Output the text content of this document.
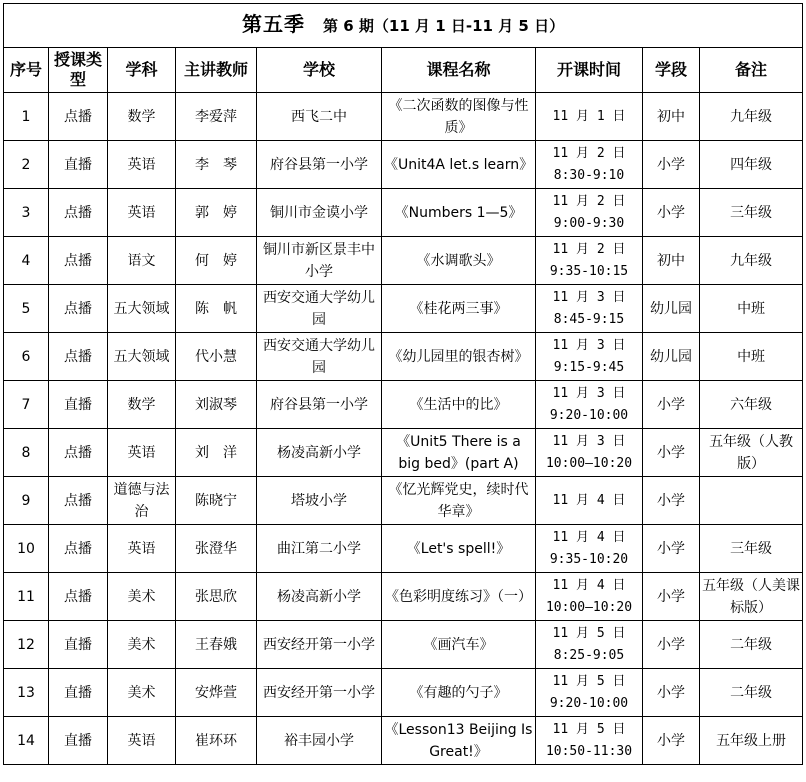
第五季 第 6 期（11 月 1 日-11 月 5 日）								
序号	授课类型	学科	主讲教师	学校	课程名称	开课时间	学段	备注
1	点播	数学	李爱萍	西飞二中	《二次函数的图像与性质》	11 月 1 日	初中	九年级
2	直播	英语	李　琴	府谷县第一小学	《Unit4A let.s learn》	11 月 2 日 8:30-9:10	小学	四年级
3	点播	英语	郭　婷	铜川市金谟小学	《Numbers 1—5》	11 月 2 日 9:00-9:30	小学	三年级
4	点播	语文	何　婷	铜川市新区景丰中小学	《水调歌头》	11 月 2 日 9:35-10:15	初中	九年级
5	点播	五大领域	陈　帆	西安交通大学幼儿园	《桂花两三事》	11 月 3 日 8:45-9:15	幼儿园	中班
6	点播	五大领域	代小慧	西安交通大学幼儿园	《幼儿园里的银杏树》	11 月 3 日 9:15-9:45	幼儿园	中班
7	直播	数学	刘淑琴	府谷县第一小学	《生活中的比》	11 月 3 日 9:20-10:00	小学	六年级
8	点播	英语	刘　洋	杨凌高新小学	《Unit5 There is a big bed》(part A)	11 月 3 日 10:00—10:20	小学	五年级（人教版）
9	点播	道德与法治	陈晓宁	塔坡小学	《忆光辉党史，续时代华章》	11 月 4 日	小学	
10	点播	英语	张澄华	曲江第二小学	《Let's spell!》	11 月 4 日 9:35-10:20	小学	三年级
11	点播	美术	张思欣	杨凌高新小学	《色彩明度练习》（一）	11 月 4 日 10:00—10:20	小学	五年级（人美课标版）
12	直播	美术	王春娥	西安经开第一小学	《画汽车》	11 月 5 日 8:25-9:05	小学	二年级
13	直播	美术	安烨萱	西安经开第一小学	《有趣的勺子》	11 月 5 日 9:20-10:00	小学	二年级
14	直播	英语	崔环环	裕丰园小学	《Lesson13 Beijing Is Great!》	11 月 5 日 10:50-11:30	小学	五年级上册
